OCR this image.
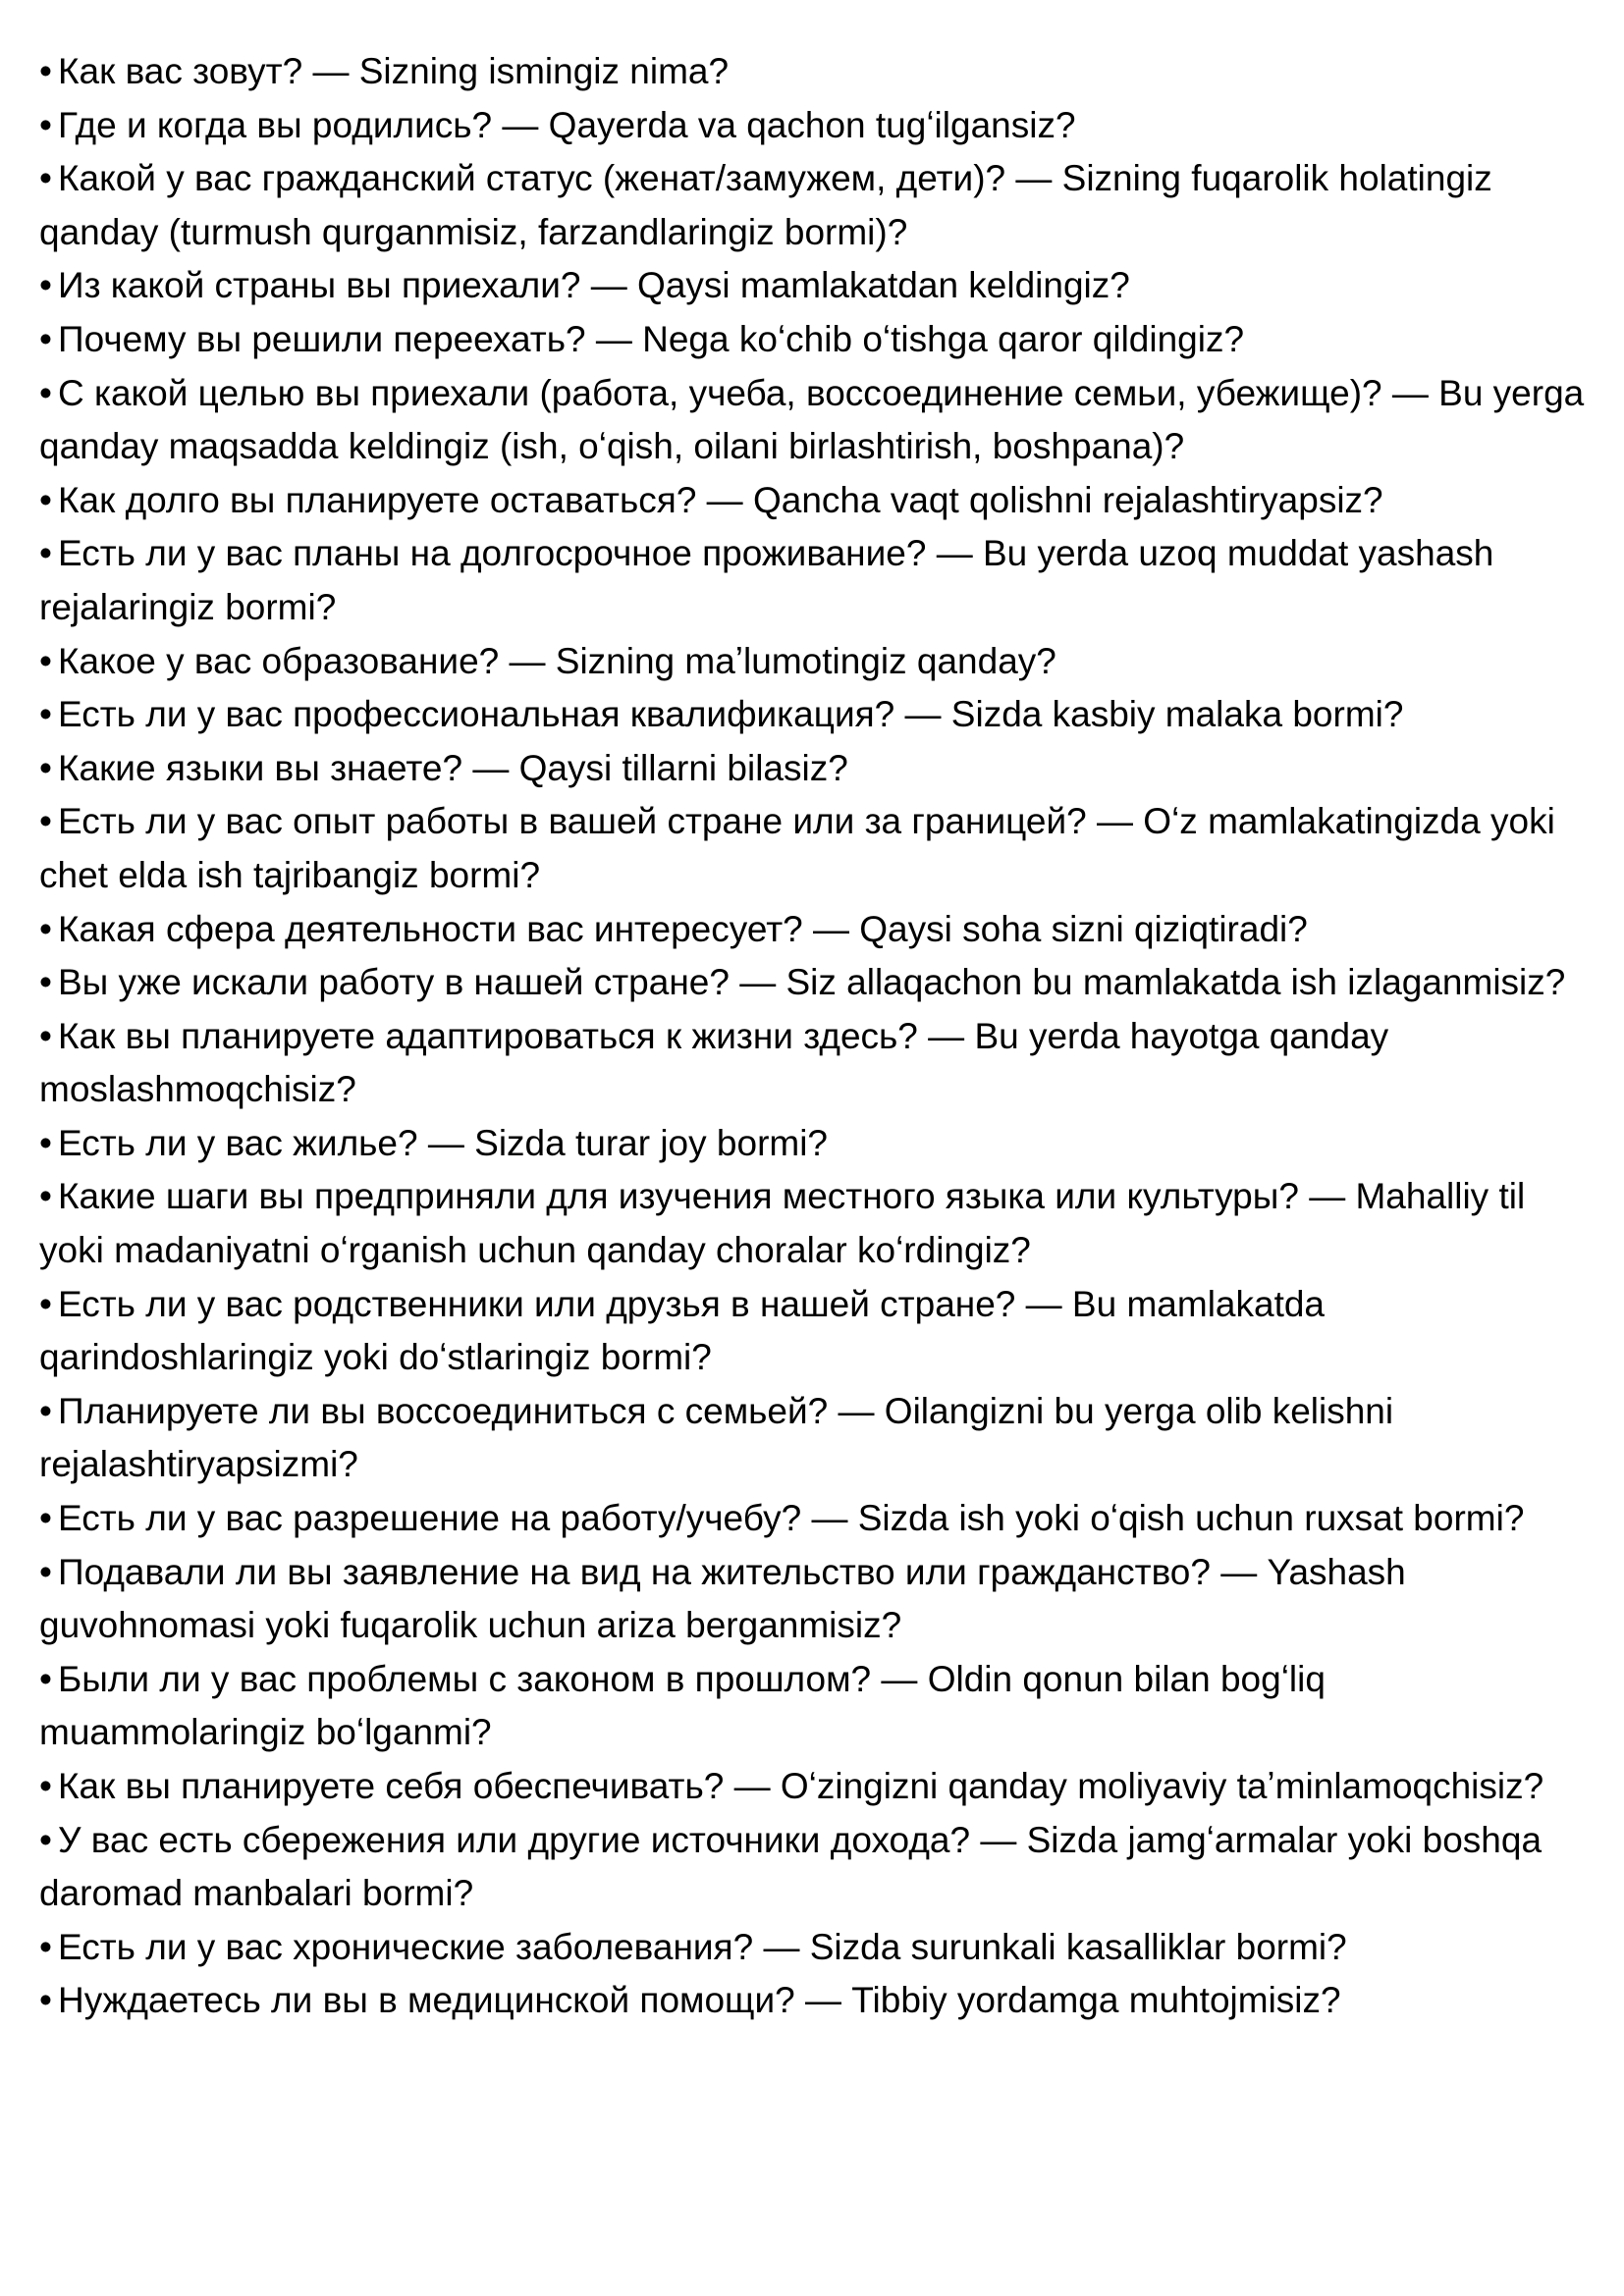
• Как вас зовут? — Sizning ismingiz nima?

• Где и когда вы родились? — Qayerda va qachon tugʻilgansiz?

• Какой у вас гражданский статус (женат/замужем, дети)? — Sizning fuqarolik holatingiz qanday (turmush qurganmisiz, farzandlaringiz bormi)?

• Из какой страны вы приехали? — Qaysi mamlakatdan keldingiz?

• Почему вы решили переехать? — Nega koʻchib oʻtishga qaror qildingiz?

• С какой целью вы приехали (работа, учеба, воссоединение семьи, убежище)? — Bu yerga qanday maqsadda keldingiz (ish, oʻqish, oilani birlashtirish, boshpana)?

• Как долго вы планируете оставаться? — Qancha vaqt qolishni rejalashtiryapsiz?

• Есть ли у вас планы на долгосрочное проживание? — Bu yerda uzoq muddat yashash rejalaringiz bormi?

• Какое у вас образование? — Sizning maʼlumotingiz qanday?

• Есть ли у вас профессиональная квалификация? — Sizda kasbiy malaka bormi?

• Какие языки вы знаете? — Qaysi tillarni bilasiz?

• Есть ли у вас опыт работы в вашей стране или за границей? — Oʻz mamlakatingizda yoki chet elda ish tajribangiz bormi?

• Какая сфера деятельности вас интересует? — Qaysi soha sizni qiziqtiradi?

• Вы уже искали работу в нашей стране? — Siz allaqachon bu mamlakatda ish izlaganmisiz?

• Как вы планируете адаптироваться к жизни здесь? — Bu yerda hayotga qanday moslashmoqchisiz?

• Есть ли у вас жилье? — Sizda turar joy bormi?

• Какие шаги вы предприняли для изучения местного языка или культуры? — Mahalliy til yoki madaniyatni oʻrganish uchun qanday choralar koʻrdingiz?

• Есть ли у вас родственники или друзья в нашей стране? — Bu mamlakatda qarindoshlaringiz yoki doʻstlaringiz bormi?

• Планируете ли вы воссоединиться с семьей? — Oilangizni bu yerga olib kelishni rejalashtiryapsizmi?

• Есть ли у вас разрешение на работу/учебу? — Sizda ish yoki oʻqish uchun ruxsat bormi?

• Подавали ли вы заявление на вид на жительство или гражданство? — Yashash guvohnomasi yoki fuqarolik uchun ariza berganmisiz?

• Были ли у вас проблемы с законом в прошлом? — Oldin qonun bilan bogʻliq muammolaringiz boʻlganmi?

• Как вы планируете себя обеспечивать? — Oʻzingizni qanday moliyaviy taʼminlamoqchisiz?

• У вас есть сбережения или другие источники дохода? — Sizda jamgʻarmalar yoki boshqa daromad manbalari bormi?

• Есть ли у вас хронические заболевания? — Sizda surunkali kasalliklar bormi?

• Нуждаетесь ли вы в медицинской помощи? — Tibbiy yordamga muhtojmisiz?
